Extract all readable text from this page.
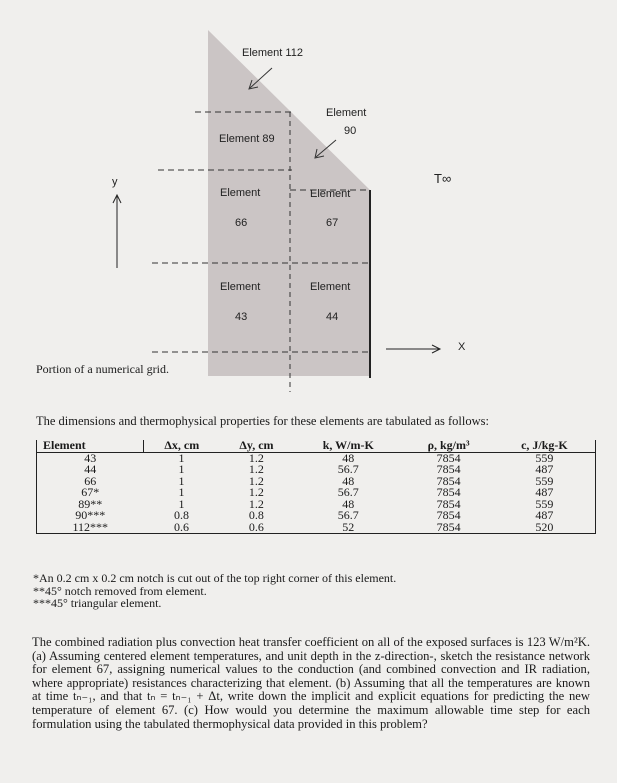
Element 112
Element
90
Element 89
Element
66
Element
67
Element
43
Element
44
T∞
y
X
Portion of a numerical grid.
The dimensions and thermophysical properties for these elements are tabulated as follows:
Element	Δx, cm	Δy, cm	k, W/m-K	ρ, kg/m³	c, J/kg-K
43	1	1.2	48	7854	559
44	1	1.2	56.7	7854	487
66	1	1.2	48	7854	559
67*	1	1.2	56.7	7854	487
89**	1	1.2	48	7854	559
90***	0.8	0.8	56.7	7854	487
112***	0.6	0.6	52	7854	520
*An 0.2 cm x 0.2 cm notch is cut out of the top right corner of this element.
**45° notch removed from element.
***45° triangular element.
The combined radiation plus convection heat transfer coefficient on all of the exposed surfaces is 123 W/m²K. (a) Assuming centered element temperatures, and unit depth in the z-direction-, sketch the resistance network for element 67, assigning numerical values to the conduction (and combined convection and IR radiation, where appropriate) resistances characterizing that element. (b) Assuming that all the temperatures are known at time tₙ₋₁, and that tₙ = tₙ₋₁ + Δt, write down the implicit and explicit equations for predicting the new temperature of element 67. (c) How would you determine the maximum allowable time step for each formulation using the tabulated thermophysical data provided in this problem?
